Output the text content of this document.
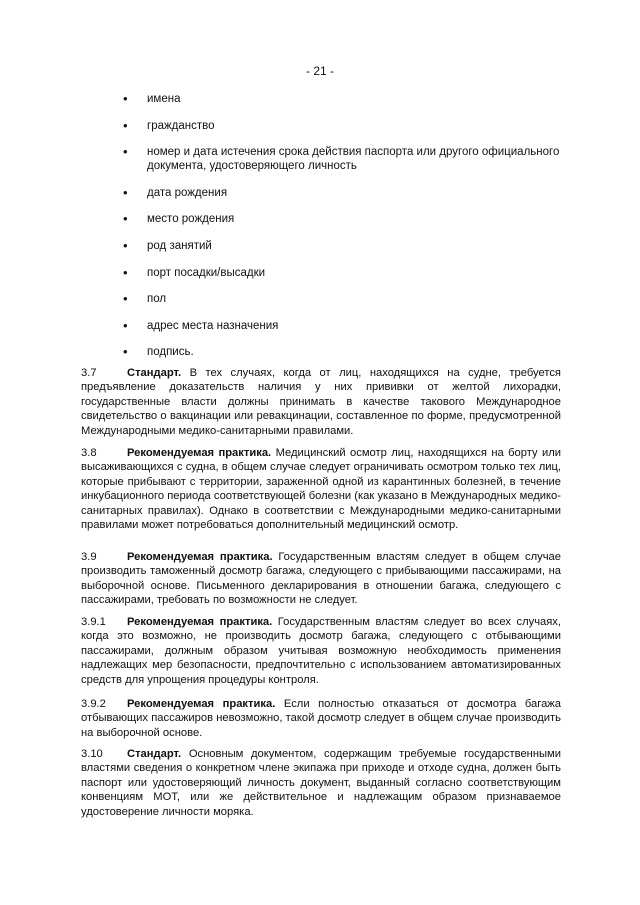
- 21 -
• имена
• гражданство
• номер и дата истечения срока действия паспорта или другого официального документа, удостоверяющего личность
• дата рождения
• место рождения
• род занятий
• порт посадки/высадки
• пол
• адрес места назначения
• подпись.
3.7	Стандарт. В тех случаях, когда от лиц, находящихся на судне, требуется предъявление доказательств наличия у них прививки от желтой лихорадки, государственные власти должны принимать в качестве такового Международное свидетельство о вакцинации или ревакцинации, составленное по форме, предусмотренной Международными медико-санитарными правилами.
3.8	Рекомендуемая практика. Медицинский осмотр лиц, находящихся на борту или высаживающихся с судна, в общем случае следует ограничивать осмотром только тех лиц, которые прибывают с территории, зараженной одной из карантинных болезней, в течение инкубационного периода соответствующей болезни (как указано в Международных медико-санитарных правилах). Однако в соответствии с Международными медико-санитарными правилами может потребоваться дополнительный медицинский осмотр.
3.9	Рекомендуемая практика. Государственным властям следует в общем случае производить таможенный досмотр багажа, следующего с прибывающими пассажирами, на выборочной основе. Письменного декларирования в отношении багажа, следующего с пассажирами, требовать по возможности не следует.
3.9.1 Рекомендуемая практика. Государственным властям следует во всех случаях, когда это возможно, не производить досмотр багажа, следующего с отбывающими пассажирами, должным образом учитывая возможную необходимость применения надлежащих мер безопасности, предпочтительно с использованием автоматизированных средств для упрощения процедуры контроля.
3.9.2 Рекомендуемая практика. Если полностью отказаться от досмотра багажа отбывающих пассажиров невозможно, такой досмотр следует в общем случае производить на выборочной основе.
3.10 Стандарт. Основным документом, содержащим требуемые государственными властями сведения о конкретном члене экипажа при приходе и отходе судна, должен быть паспорт или удостоверяющий личность документ, выданный согласно соответствующим конвенциям МОТ, или же действительное и надлежащим образом признаваемое удостоверение личности моряка.
